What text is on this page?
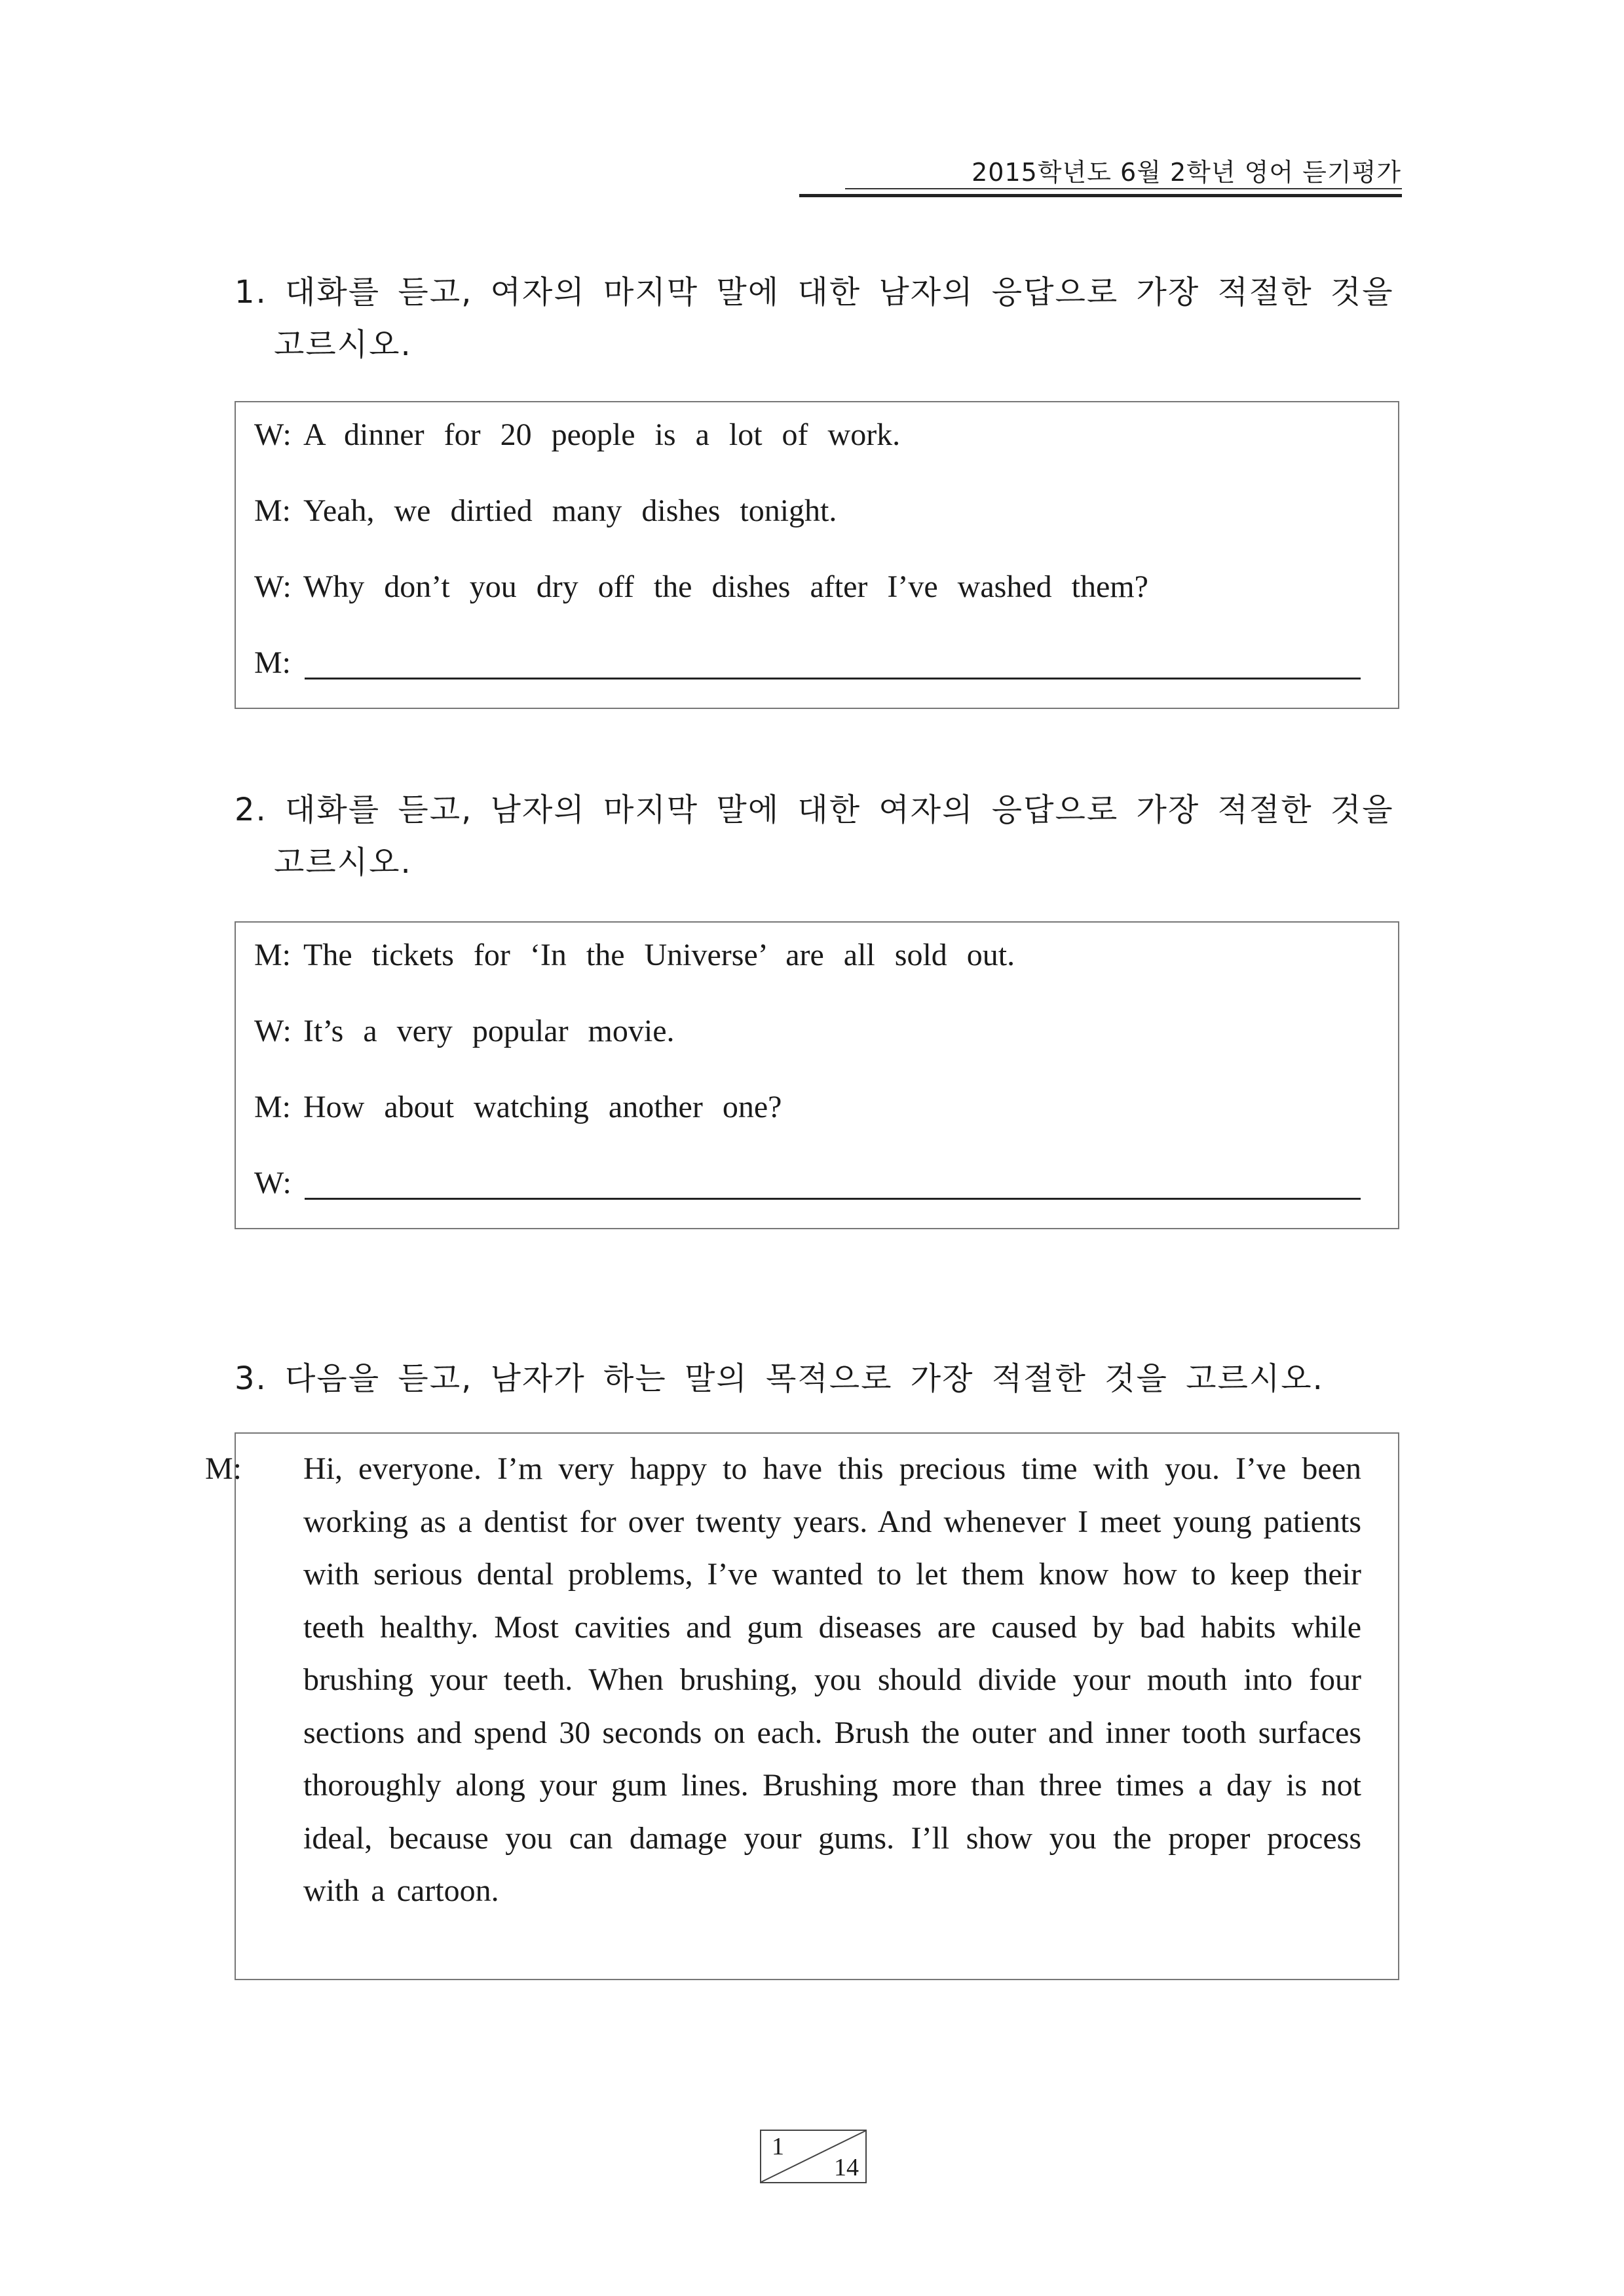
2015학년도 6월 2학년 영어 듣기평가
1. 대화를 듣고, 여자의 마지막 말에 대한 남자의 응답으로 가장 적절한 것을
고르시오.
W: A dinner for 20 people is a lot of work.
M: Yeah, we dirtied many dishes tonight.
W: Why don’t you dry off the dishes after I’ve washed them?
M:
2. 대화를 듣고, 남자의 마지막 말에 대한 여자의 응답으로 가장 적절한 것을
고르시오.
M: The tickets for ‘In the Universe’ are all sold out.
W: It’s a very popular movie.
M: How about watching another one?
W:
3. 다음을 듣고, 남자가 하는 말의 목적으로 가장 적절한 것을 고르시오.

M: Hi, everyone. I’m very happy to have this precious time with you. I’ve been working as a dentist for over twenty years. And whenever I meet young patients with serious dental problems, I’ve wanted to let them know how to keep their teeth healthy. Most cavities and gum diseases are caused by bad habits while brushing your teeth. When brushing, you should divide your mouth into four sections and spend 30 seconds on each. Brush the outer and inner tooth surfaces thoroughly along your gum lines. Brushing more than three times a day is not ideal, because you can damage your gums. I’ll show you the proper process with a cartoon.

1
14
